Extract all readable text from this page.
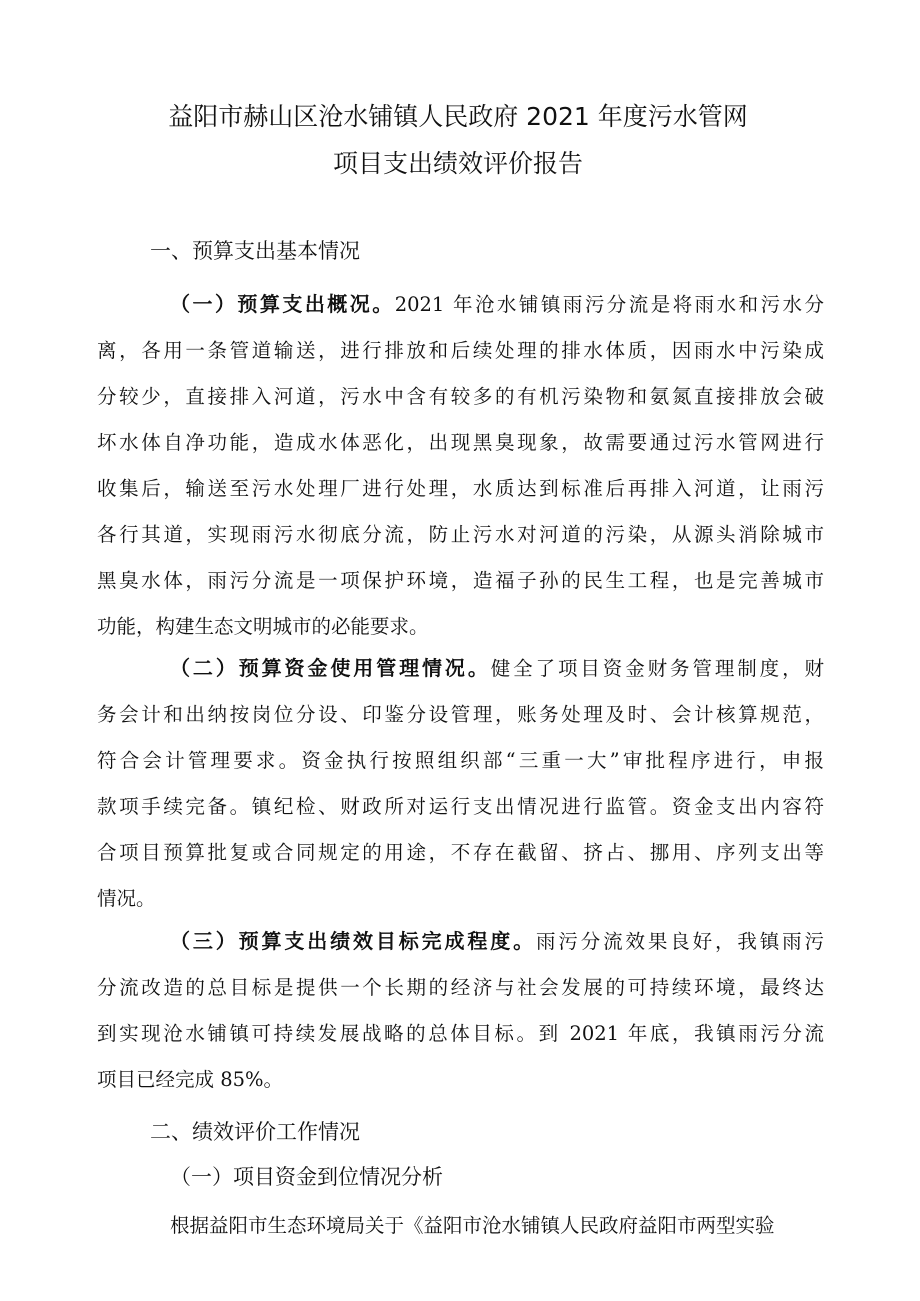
益阳市赫山区沧水铺镇人民政府 2021 年度污水管网
项目支出绩效评价报告
一、预算支出基本情况
（一）预算支出概况。2021 年沧水铺镇雨污分流是将雨水和污水分
离，各用一条管道输送，进行排放和后续处理的排水体质，因雨水中污染成
分较少，直接排入河道，污水中含有较多的有机污染物和氨氮直接排放会破
坏水体自净功能，造成水体恶化，出现黑臭现象，故需要通过污水管网进行
收集后，输送至污水处理厂进行处理，水质达到标准后再排入河道，让雨污
各行其道，实现雨污水彻底分流，防止污水对河道的污染，从源头消除城市
黑臭水体，雨污分流是一项保护环境，造福子孙的民生工程，也是完善城市
功能，构建生态文明城市的必能要求。
（二）预算资金使用管理情况。健全了项目资金财务管理制度，财
务会计和出纳按岗位分设、印鉴分设管理，账务处理及时、会计核算规范，
符合会计管理要求。资金执行按照组织部“三重一大”审批程序进行，申报
款项手续完备。镇纪检、财政所对运行支出情况进行监管。资金支出内容符
合项目预算批复或合同规定的用途，不存在截留、挤占、挪用、序列支出等
情况。
（三）预算支出绩效目标完成程度。雨污分流效果良好，我镇雨污
分流改造的总目标是提供一个长期的经济与社会发展的可持续环境，最终达
到实现沧水铺镇可持续发展战略的总体目标。到 2021 年底，我镇雨污分流
项目已经完成 85%。
二、绩效评价工作情况
（一）项目资金到位情况分析
根据益阳市生态环境局关于《益阳市沧水铺镇人民政府益阳市两型实验
